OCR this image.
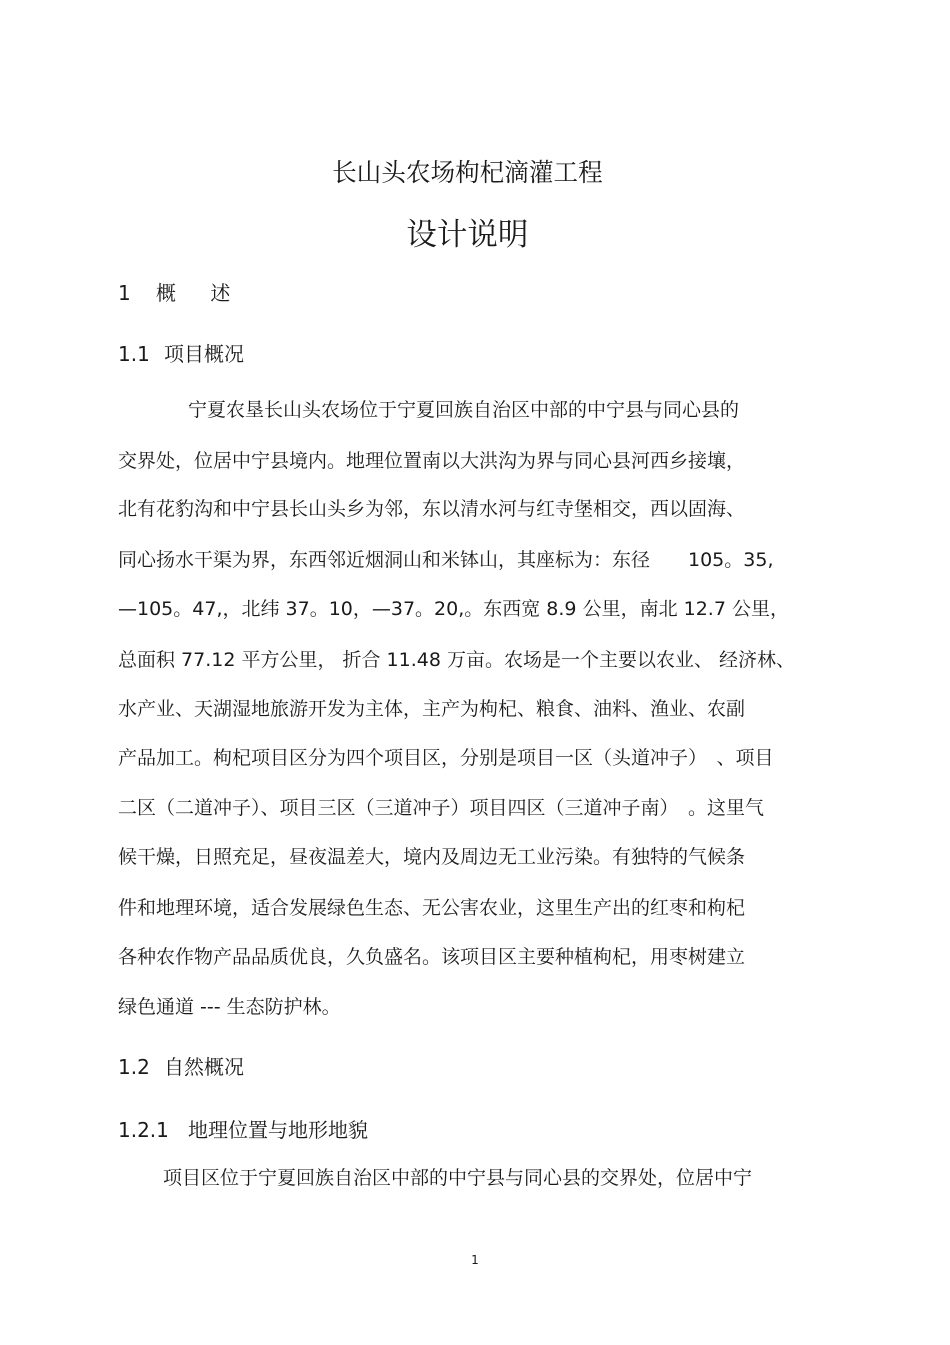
长山头农场枸杞滴灌工程
设计说明
1 概 述
1.1 项目概况
宁夏农垦长山头农场位于宁夏回族自治区中部的中宁县与同心县的
交界处，位居中宁县境内。地理位置南以大洪沟为界与同心县河西乡接壤，
北有花豹沟和中宁县长山头乡为邻，东以清水河与红寺堡相交，西以固海、
同心扬水干渠为界，东西邻近烟洞山和米钵山，其座标为：东径　　105。35,
—105。47,，北纬 37。10，—37。20,。东西宽 8.9 公里，南北 12.7 公里，
总面积 77.12 平方公里， 折合 11.48 万亩。农场是一个主要以农业、 经济林、
水产业、天湖湿地旅游开发为主体，主产为枸杞、粮食、油料、渔业、农副
产品加工。枸杞项目区分为四个项目区，分别是项目一区（头道冲子）　、项目
二区（二道冲子）、项目三区（三道冲子）项目四区（三道冲子南）　。这里气
候干燥，日照充足，昼夜温差大，境内及周边无工业污染。有独特的气候条
件和地理环境，适合发展绿色生态、无公害农业，这里生产出的红枣和枸杞
各种农作物产品品质优良，久负盛名。该项目区主要种植枸杞，用枣树建立
绿色通道 --- 生态防护林。
1.2 自然概况
1.2.1 地理位置与地形地貌
项目区位于宁夏回族自治区中部的中宁县与同心县的交界处，位居中宁
1
